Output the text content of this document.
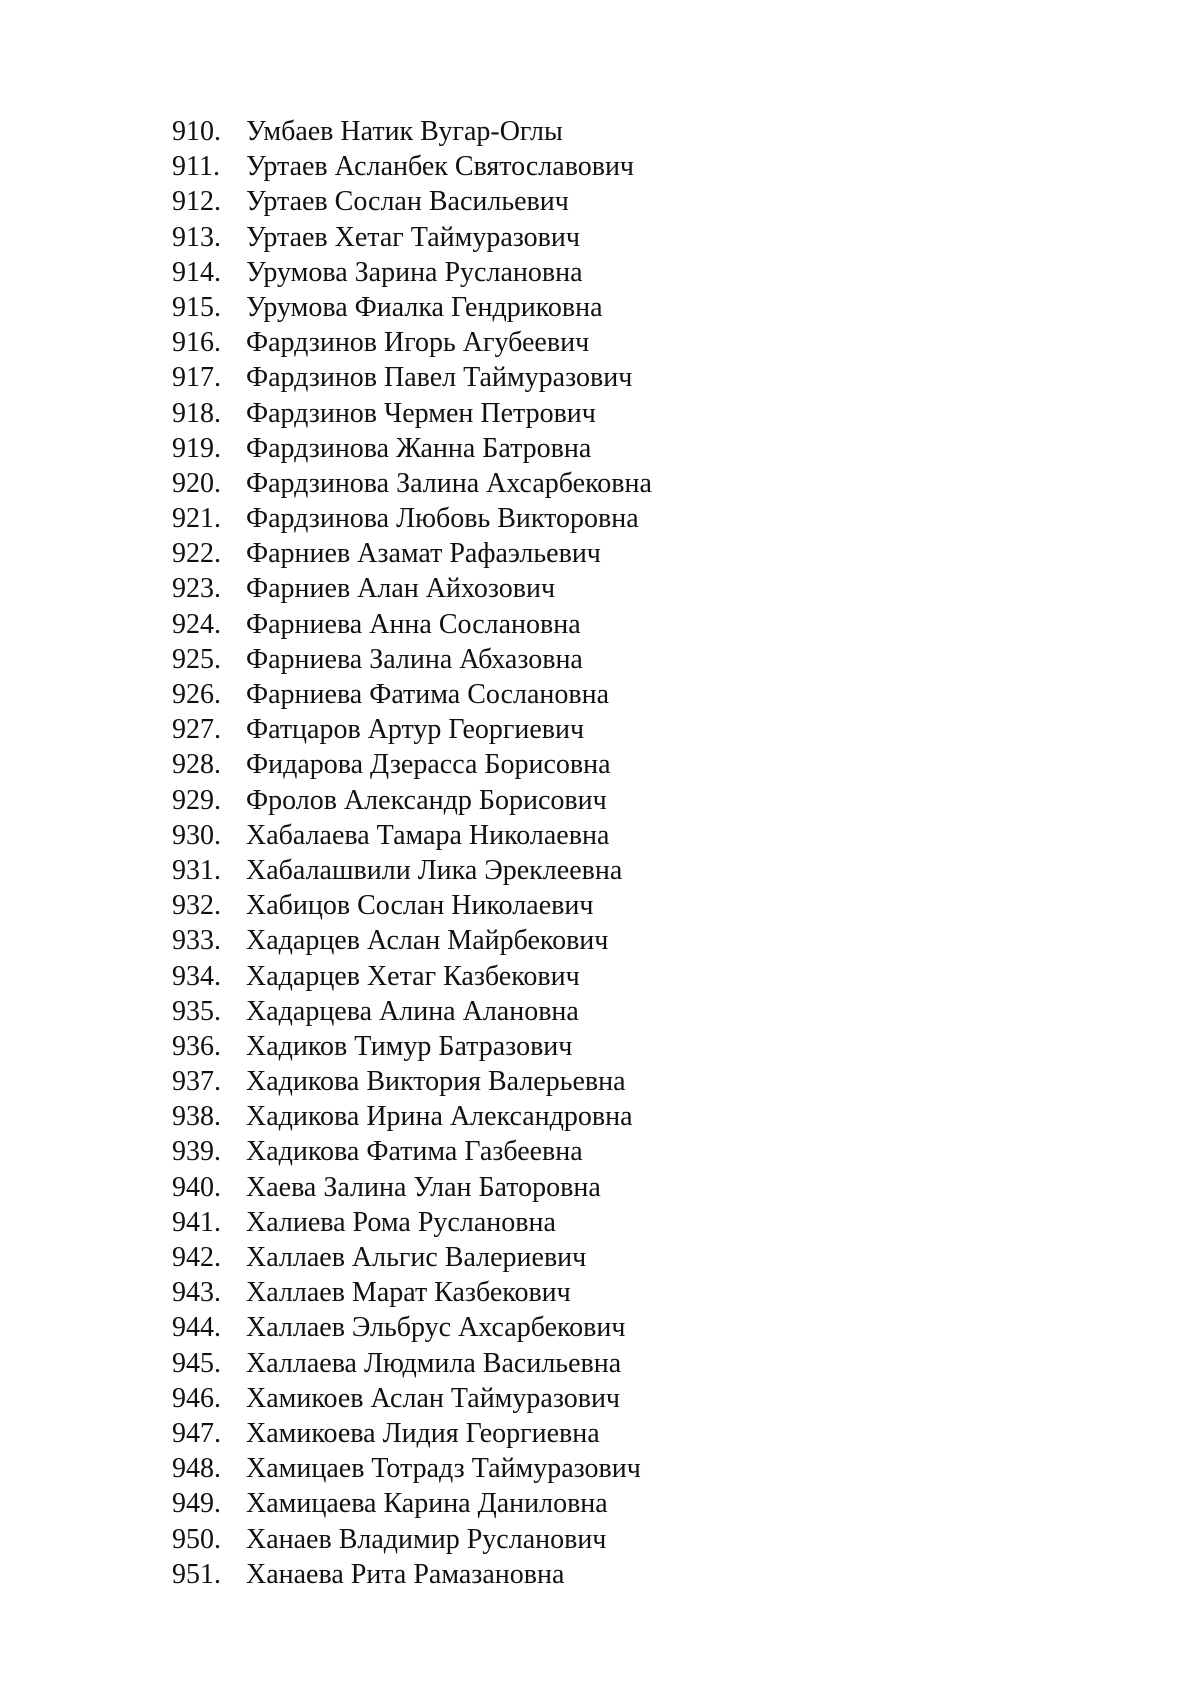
910. Умбаев Натик Вугар-Оглы
911. Уртаев Асланбек Святославович
912. Уртаев Сослан Васильевич
913. Уртаев Хетаг Таймуразович
914. Урумова Зарина Руслановна
915. Урумова Фиалка Гендриковна
916. Фардзинов Игорь Агубеевич
917. Фардзинов Павел Таймуразович
918. Фардзинов Чермен Петрович
919. Фардзинова Жанна Батровна
920. Фардзинова Залина Ахсарбековна
921. Фардзинова Любовь Викторовна
922. Фарниев Азамат Рафаэльевич
923. Фарниев Алан Айхозович
924. Фарниева Анна Сослановна
925. Фарниева Залина Абхазовна
926. Фарниева Фатима Сослановна
927. Фатцаров Артур Георгиевич
928. Фидарова Дзерасса Борисовна
929. Фролов Александр Борисович
930. Хабалаева Тамара Николаевна
931. Хабалашвили Лика Эреклеевна
932. Хабицов Сослан Николаевич
933. Хадарцев Аслан Майрбекович
934. Хадарцев Хетаг Казбекович
935. Хадарцева Алина Алановна
936. Хадиков Тимур Батразович
937. Хадикова Виктория Валерьевна
938. Хадикова Ирина Александровна
939. Хадикова Фатима Газбеевна
940. Хаева Залина Улан Баторовна
941. Халиева Рома Руслановна
942. Халлаев Альгис Валериевич
943. Халлаев Марат Казбекович
944. Халлаев Эльбрус Ахсарбекович
945. Халлаева Людмила Васильевна
946. Хамикоев Аслан Таймуразович
947. Хамикоева Лидия Георгиевна
948. Хамицаев Тотрадз Таймуразович
949. Хамицаева Карина Даниловна
950. Ханаев Владимир Русланович
951. Ханаева Рита Рамазановна
